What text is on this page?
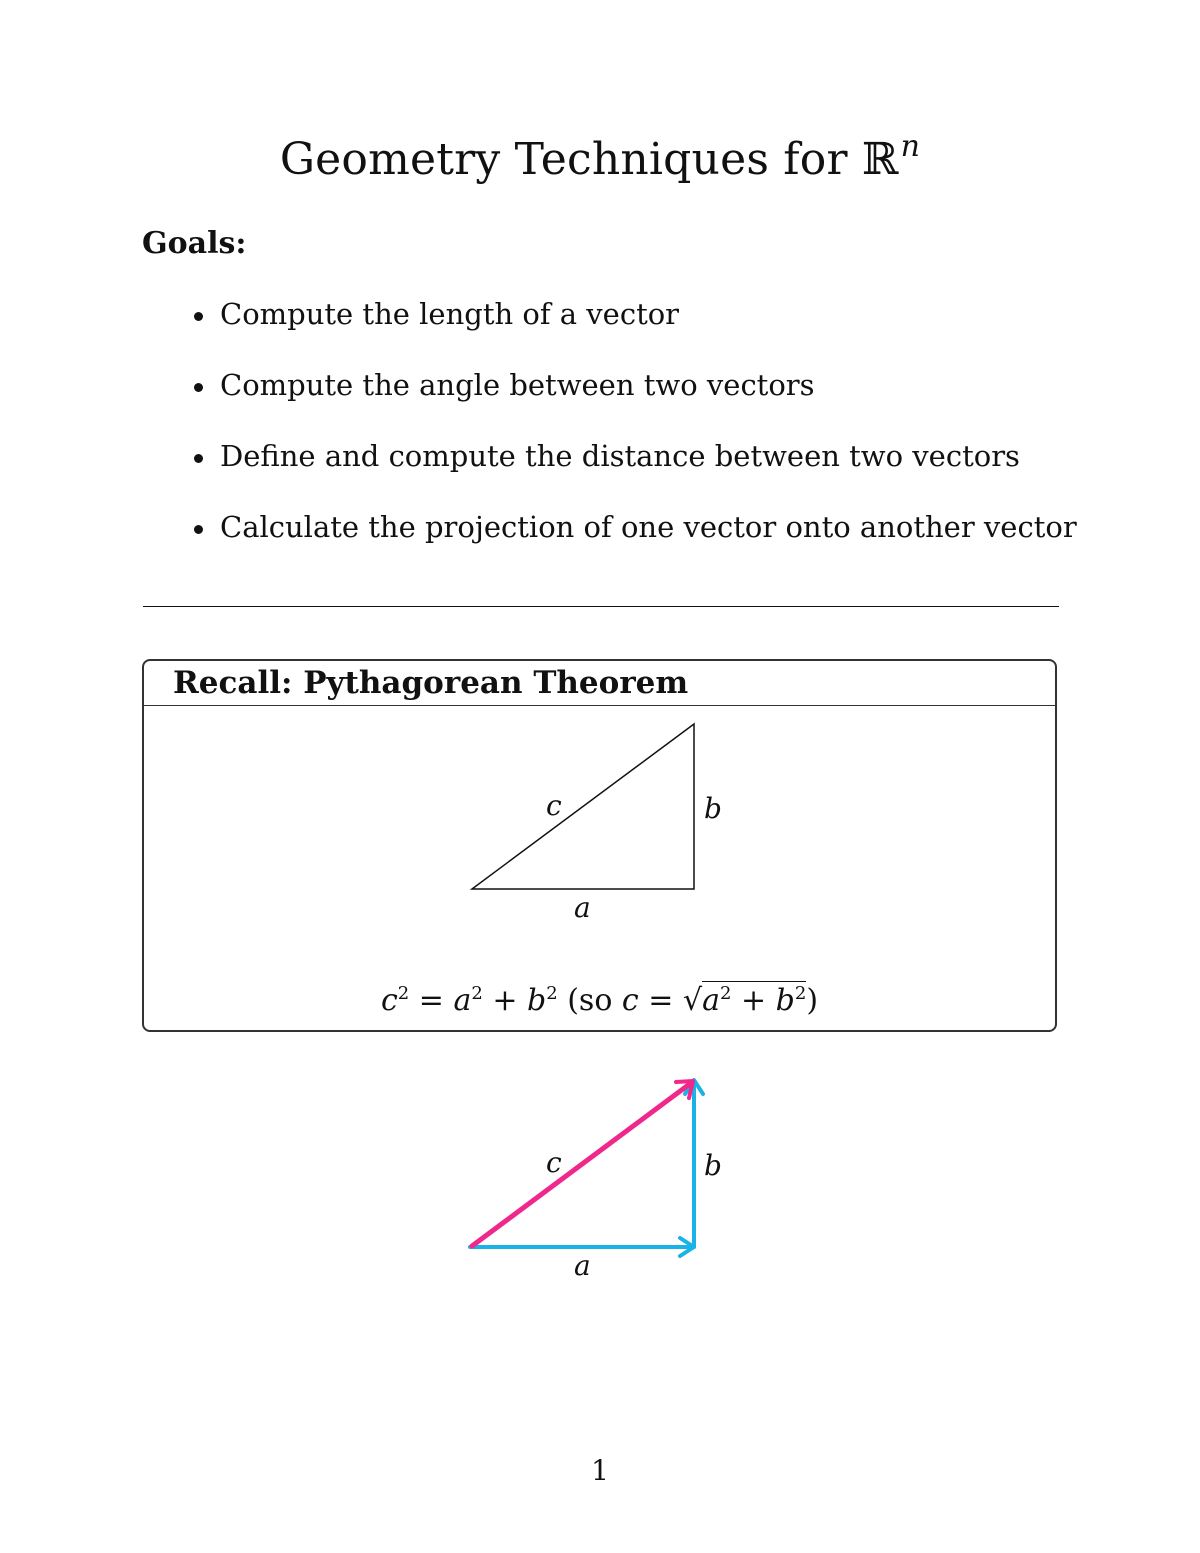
Geometry Techniques for ℝ$^n$
Goals:
Compute the length of a vector
Compute the angle between two vectors
Define and compute the distance between two vectors
Calculate the projection of one vector onto another vector
Recall: Pythagorean Theorem
$c^2 = a^2 + b^2$ (so $c = √a^2 + b^2$)
c	b
a
c	b
a
1
